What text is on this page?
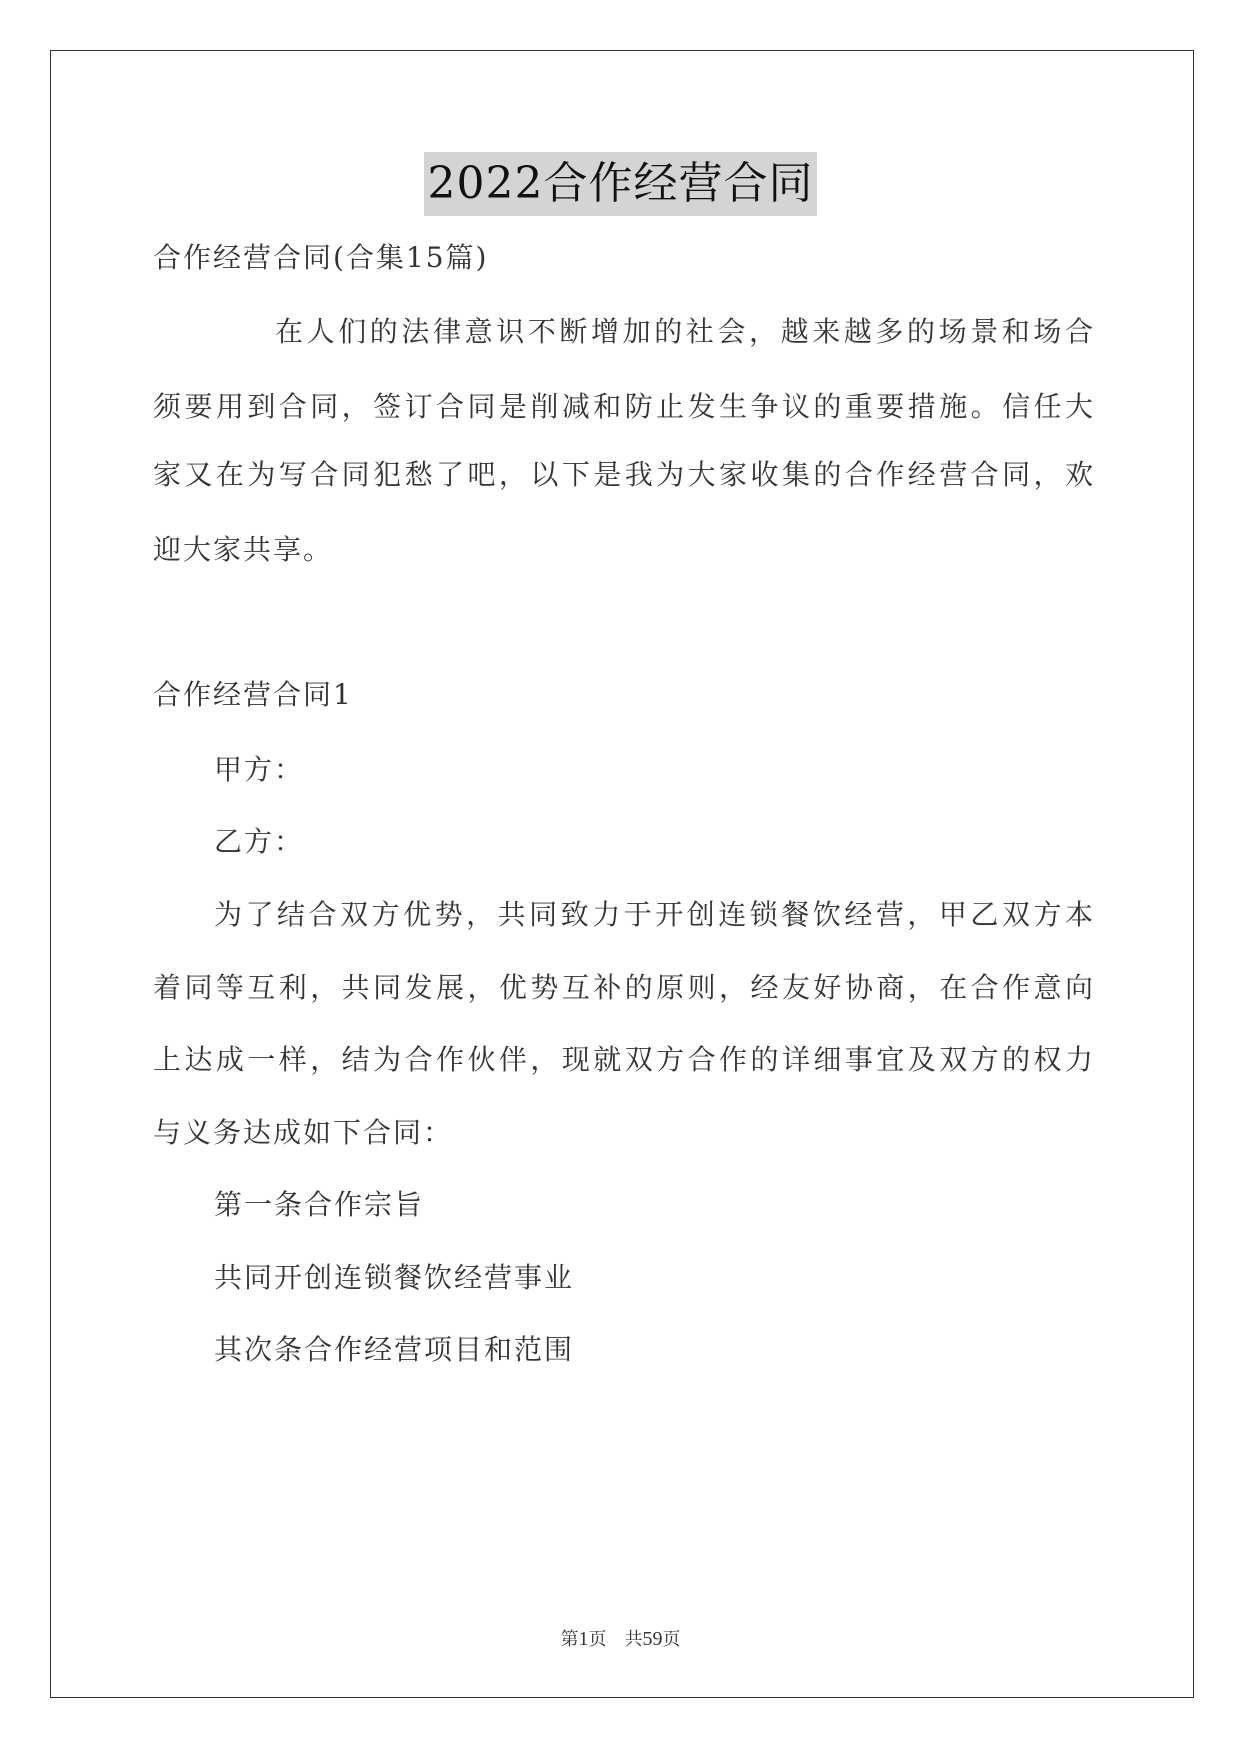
2022合作经营合同
合作经营合同(合集15篇)
在人们的法律意识不断增加的社会，越来越多的场景和场合
须要用到合同，签订合同是削减和防止发生争议的重要措施。信任大
家又在为写合同犯愁了吧，以下是我为大家收集的合作经营合同，欢
迎大家共享。
合作经营合同1
甲方：
乙方：
为了结合双方优势，共同致力于开创连锁餐饮经营，甲乙双方本
着同等互利，共同发展，优势互补的原则，经友好协商，在合作意向
上达成一样，结为合作伙伴，现就双方合作的详细事宜及双方的权力
与义务达成如下合同：
第一条合作宗旨
共同开创连锁餐饮经营事业
其次条合作经营项目和范围
第1页 共59页
